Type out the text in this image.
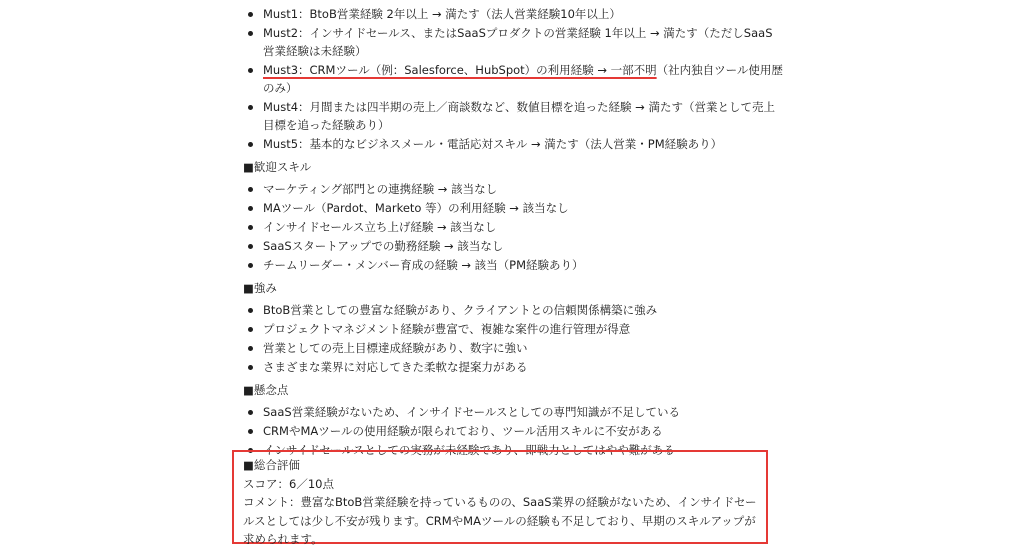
Must1：BtoB営業経験 2年以上 → 満たす（法人営業経験10年以上）
Must2：インサイドセールス、またはSaaSプロダクトの営業経験 1年以上 → 満たす（ただしSaaS営業経験は未経験）
Must3：CRMツール（例：Salesforce、HubSpot）の利用経験 → 一部不明（社内独自ツール使用歴のみ）
Must4：月間または四半期の売上／商談数など、数値目標を追った経験 → 満たす（営業として売上目標を追った経験あり）
Must5：基本的なビジネスメール・電話応対スキル → 満たす（法人営業・PM経験あり）
■歓迎スキル
マーケティング部門との連携経験 → 該当なし
MAツール（Pardot、Marketo 等）の利用経験 → 該当なし
インサイドセールス立ち上げ経験 → 該当なし
SaaSスタートアップでの勤務経験 → 該当なし
チームリーダー・メンバー育成の経験 → 該当（PM経験あり）
■強み
BtoB営業としての豊富な経験があり、クライアントとの信頼関係構築に強み
プロジェクトマネジメント経験が豊富で、複雑な案件の進行管理が得意
営業としての売上目標達成経験があり、数字に強い
さまざまな業界に対応してきた柔軟な提案力がある
■懸念点
SaaS営業経験がないため、インサイドセールスとしての専門知識が不足している
CRMやMAツールの使用経験が限られており、ツール活用スキルに不安がある
インサイドセールスとしての実務が未経験であり、即戦力としてはやや難がある
■総合評価
スコア：6／10点
コメント：豊富なBtoB営業経験を持っているものの、SaaS業界の経験がないため、インサイドセールスとしては少し不安が残ります。CRMやMAツールの経験も不足しており、早期のスキルアップが求められます。
